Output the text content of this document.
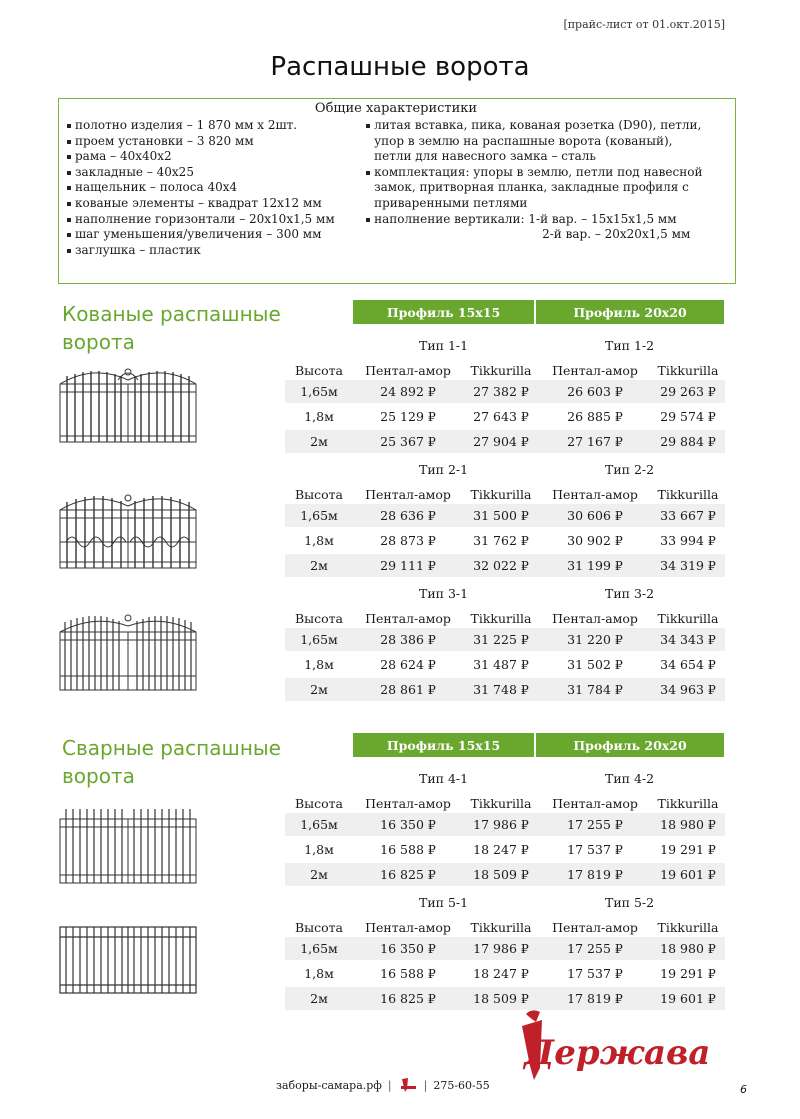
[прайс-лист от 01.окт.2015]
Распашные ворота
Общие характеристики
полотно изделия – 1 870 мм х 2шт.
проем установки – 3 820 мм
рама – 40х40х2
закладные – 40х25
нащельник – полоса 40х4
кованые элементы – квадрат 12х12 мм
наполнение горизонтали – 20х10х1,5 мм
шаг уменьшения/увеличения – 300 мм
заглушка – пластик
литая вставка, пика, кованая розетка (D90), петли,
упор в землю на распашные ворота (кованый),
петли для навесного замка – сталь
комплектация: упоры в землю, петли под навесной
замок, притворная планка, закладные профиля с
приваренными петлями
наполнение вертикали: 1-й вар. – 15х15х1,5 мм
2-й вар. – 20х20х1,5 мм
Кованые распашные ворота
Профиль 15х15	Профиль 20х20
Сварные распашные ворота
Профиль 15х15	Профиль 20х20
Тип 1-1	Тип 1-2
Высота	Пентал-амор	Tikkurilla	Пентал-амор	Tikkurilla
1,65м	24 892 ₽	27 382 ₽	26 603 ₽	29 263 ₽
1,8м	25 129 ₽	27 643 ₽	26 885 ₽	29 574 ₽
2м	25 367 ₽	27 904 ₽	27 167 ₽	29 884 ₽
Тип 2-1	Тип 2-2
Высота	Пентал-амор	Tikkurilla	Пентал-амор	Tikkurilla
1,65м	28 636 ₽	31 500 ₽	30 606 ₽	33 667 ₽
1,8м	28 873 ₽	31 762 ₽	30 902 ₽	33 994 ₽
2м	29 111 ₽	32 022 ₽	31 199 ₽	34 319 ₽
Тип 3-1	Тип 3-2
Высота	Пентал-амор	Tikkurilla	Пентал-амор	Tikkurilla
1,65м	28 386 ₽	31 225 ₽	31 220 ₽	34 343 ₽
1,8м	28 624 ₽	31 487 ₽	31 502 ₽	34 654 ₽
2м	28 861 ₽	31 748 ₽	31 784 ₽	34 963 ₽
Тип 4-1	Тип 4-2
Высота	Пентал-амор	Tikkurilla	Пентал-амор	Tikkurilla
1,65м	16 350 ₽	17 986 ₽	17 255 ₽	18 980 ₽
1,8м	16 588 ₽	18 247 ₽	17 537 ₽	19 291 ₽
2м	16 825 ₽	18 509 ₽	17 819 ₽	19 601 ₽
Тип 5-1	Тип 5-2
Высота	Пентал-амор	Tikkurilla	Пентал-амор	Tikkurilla
1,65м	16 350 ₽	17 986 ₽	17 255 ₽	18 980 ₽
1,8м	16 588 ₽	18 247 ₽	17 537 ₽	19 291 ₽
2м	16 825 ₽	18 509 ₽	17 819 ₽	19 601 ₽
Держава
заборы-самара.рф |	| 275-60-55	6
